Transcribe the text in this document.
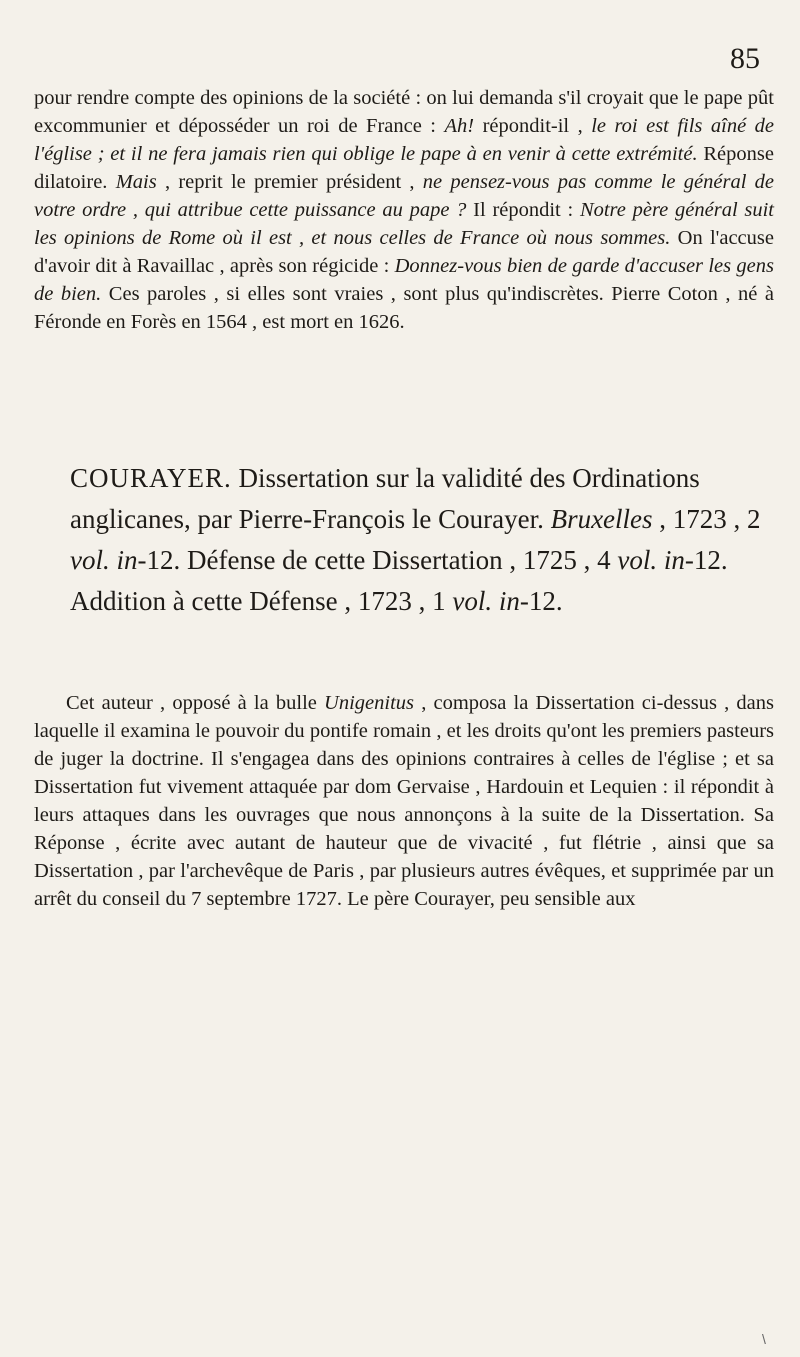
85

pour rendre compte des opinions de la société : on lui demanda s'il croyait que le pape pût excommunier et déposséder un roi de France : Ah! répondit-il , le roi est fils aîné de l'église ; et il ne fera jamais rien qui oblige le pape à en venir à cette extrémité. Réponse dilatoire. Mais , reprit le premier président , ne pensez-vous pas comme le général de votre ordre , qui attribue cette puissance au pape ? Il répondit : Notre père général suit les opinions de Rome où il est , et nous celles de France où nous sommes. On l'accuse d'avoir dit à Ravaillac , après son régicide : Donnez-vous bien de garde d'accuser les gens de bien. Ces paroles , si elles sont vraies , sont plus qu'indiscrètes. Pierre Coton , né à Féronde en Forès en 1564 , est mort en 1626.

COURAYER. Dissertation sur la validité des Ordinations anglicanes, par Pierre-François le Courayer. Bruxelles , 1723 , 2 vol. in-12. Défense de cette Dissertation , 1725 , 4 vol. in-12. Addition à cette Défense , 1723 , 1 vol. in-12.

Cet auteur , opposé à la bulle Unigenitus , composa la Dissertation ci-dessus , dans laquelle il examina le pouvoir du pontife romain , et les droits qu'ont les premiers pasteurs de juger la doctrine. Il s'engagea dans des opinions contraires à celles de l'église ; et sa Dissertation fut vivement attaquée par dom Gervaise , Hardouin et Lequien : il répondit à leurs attaques dans les ouvrages que nous annonçons à la suite de la Dissertation. Sa Réponse , écrite avec autant de hauteur que de vivacité , fut flétrie , ainsi que sa Dissertation , par l'archevêque de Paris , par plusieurs autres évêques, et supprimée par un arrêt du conseil du 7 septembre 1727. Le père Courayer, peu sensible aux

\
